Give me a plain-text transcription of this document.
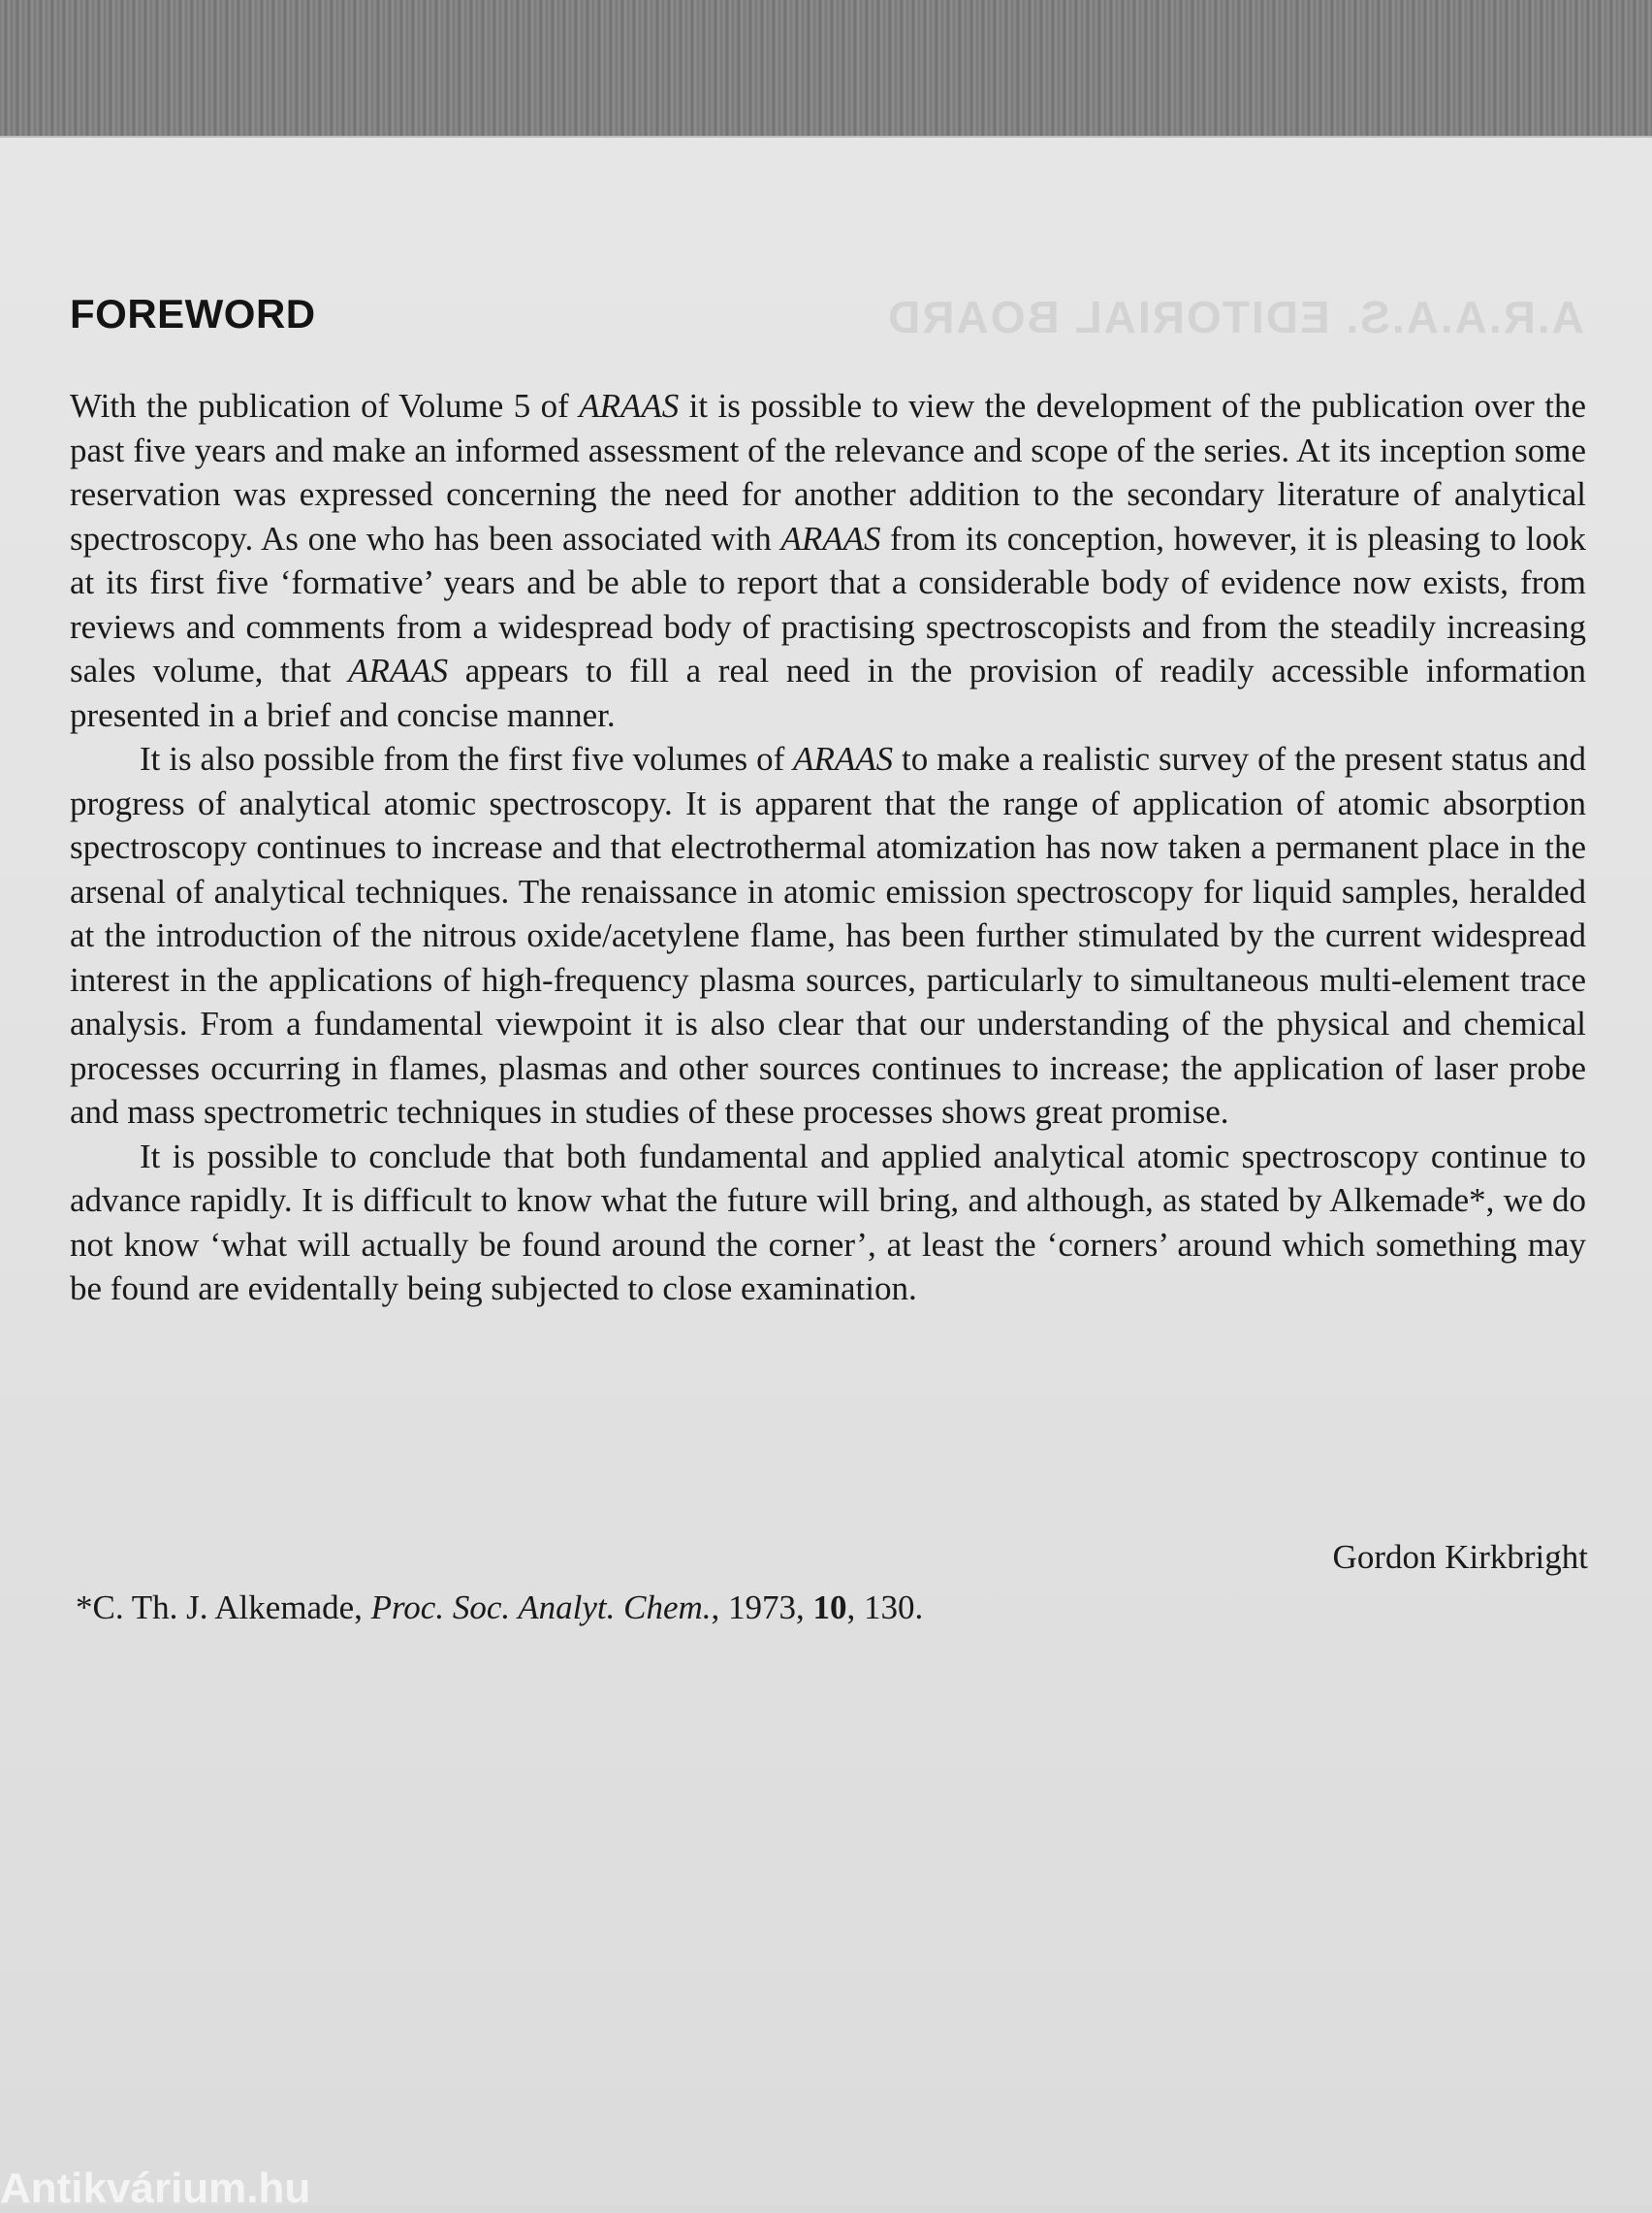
A.R.A.A.S. EDITORIAL BOARD
FOREWORD

With the publication of Volume 5 of ARAAS it is possible to view the development of the publication over the past five years and make an informed assessment of the relevance and scope of the series. At its inception some reservation was expressed concerning the need for another addition to the secondary literature of analytical spectroscopy. As one who has been associated with ARAAS from its conception, however, it is pleasing to look at its first five ‘formative’ years and be able to report that a considerable body of evidence now exists, from reviews and comments from a widespread body of practising spectroscopists and from the steadily increasing sales volume, that ARAAS appears to fill a real need in the provision of readily accessible information presented in a brief and concise manner.

It is also possible from the first five volumes of ARAAS to make a realistic survey of the present status and progress of analytical atomic spectroscopy. It is apparent that the range of application of atomic absorption spectroscopy continues to increase and that electrothermal atomization has now taken a permanent place in the arsenal of analytical techniques. The renaissance in atomic emission spectroscopy for liquid samples, heralded at the introduction of the nitrous oxide/acetylene flame, has been further stimulated by the current widespread interest in the applications of high-frequency plasma sources, particularly to simultaneous multi-element trace analysis. From a fundamental viewpoint it is also clear that our understanding of the physical and chemical processes occurring in flames, plasmas and other sources continues to increase; the application of laser probe and mass spectrometric techniques in studies of these processes shows great promise.

It is possible to conclude that both fundamental and applied analytical atomic spectroscopy continue to advance rapidly. It is difficult to know what the future will bring, and although, as stated by Alkemade*, we do not know ‘what will actually be found around the corner’, at least the ‘corners’ around which something may be found are evidentally being subjected to close examination.

Gordon Kirkbright
*C. Th. J. Alkemade, Proc. Soc. Analyt. Chem., 1973, 10, 130.
Antikvárium.hu
